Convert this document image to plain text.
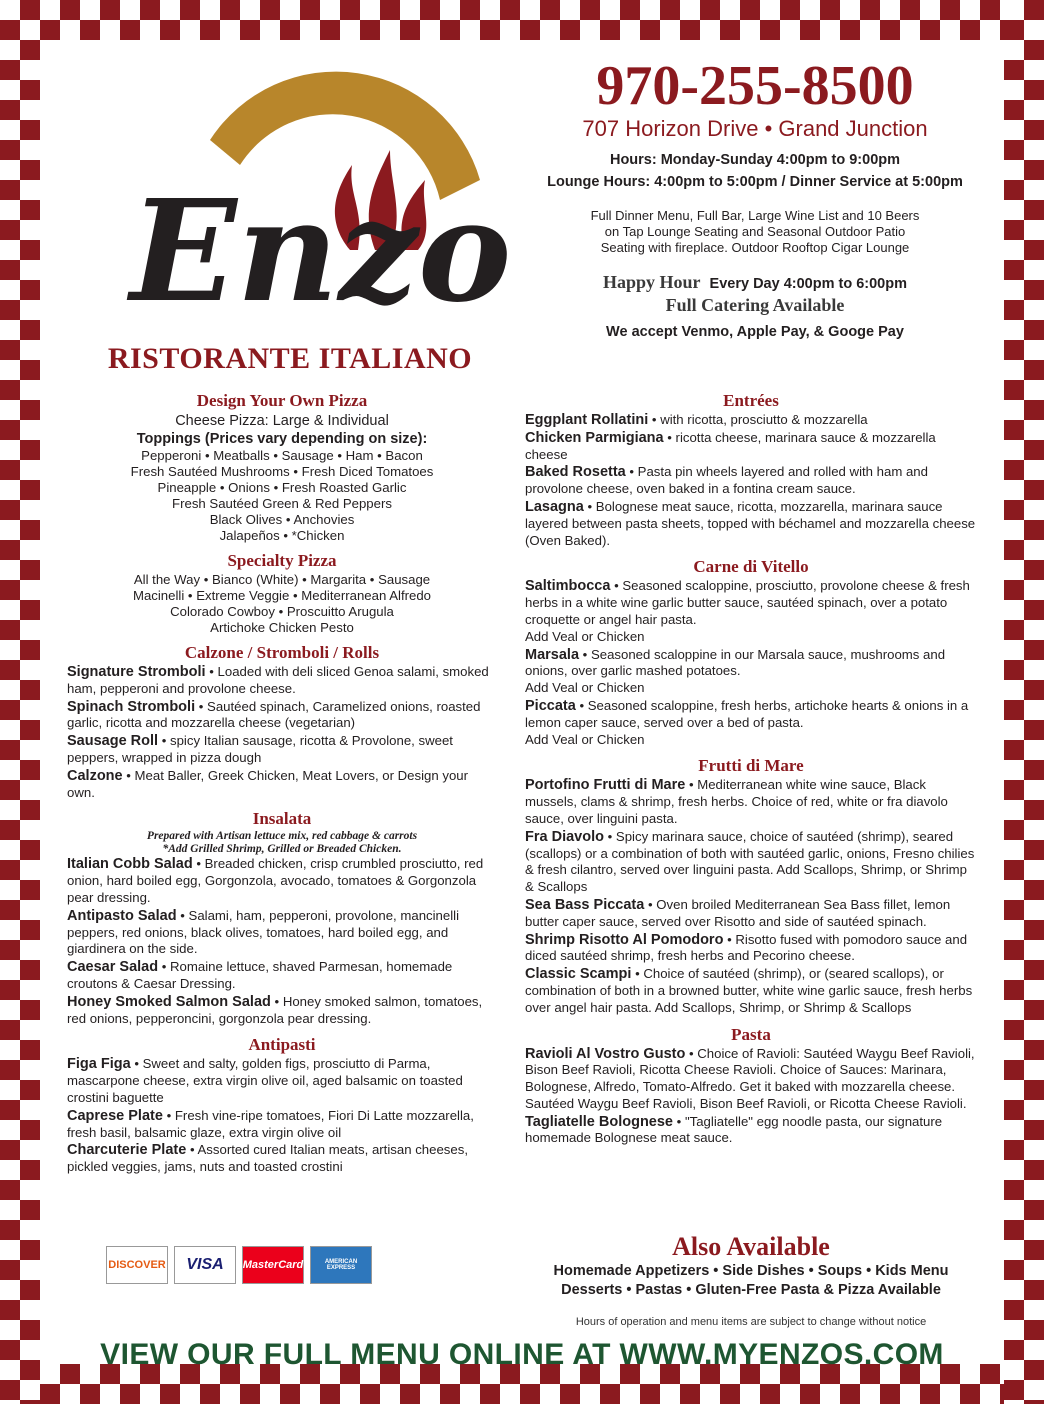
Enzo
RISTORANTE ITALIANO
970-255-8500
707 Horizon Drive • Grand Junction
Hours: Monday-Sunday 4:00pm to 9:00pm
Lounge Hours: 4:00pm to 5:00pm / Dinner Service at 5:00pm
Full Dinner Menu, Full Bar, Large Wine List and 10 Beers
on Tap Lounge Seating and Seasonal Outdoor Patio
Seating with fireplace. Outdoor Rooftop Cigar Lounge
Happy Hour Every Day 4:00pm to 6:00pm
Full Catering Available
We accept Venmo, Apple Pay, & Googe Pay
Design Your Own Pizza
Cheese Pizza: Large & Individual
Toppings (Prices vary depending on size):
Pepperoni • Meatballs • Sausage • Ham • Bacon
Fresh Sautéed Mushrooms • Fresh Diced Tomatoes
Pineapple • Onions • Fresh Roasted Garlic
Fresh Sautéed Green & Red Peppers
Black Olives • Anchovies
Jalapeños • *Chicken
Specialty Pizza
All the Way • Bianco (White) • Margarita • Sausage
Macinelli • Extreme Veggie • Mediterranean Alfredo
Colorado Cowboy • Proscuitto Arugula
Artichoke Chicken Pesto
Calzone / Stromboli / Rolls

Signature Stromboli • Loaded with deli sliced Genoa salami, smoked ham, pepperoni and provolone cheese.

Spinach Stromboli • Sautéed spinach, Caramelized onions, roasted garlic, ricotta and mozzarella cheese (vegetarian)

Sausage Roll • spicy Italian sausage, ricotta & Provolone, sweet peppers, wrapped in pizza dough

Calzone • Meat Baller, Greek Chicken, Meat Lovers, or Design your own.

Insalata
Prepared with Artisan lettuce mix, red cabbage & carrots
*Add Grilled Shrimp, Grilled or Breaded Chicken.

Italian Cobb Salad • Breaded chicken, crisp crumbled prosciutto, red onion, hard boiled egg, Gorgonzola, avocado, tomatoes & Gorgonzola pear dressing.

Antipasto Salad • Salami, ham, pepperoni, provolone, mancinelli peppers, red onions, black olives, tomatoes, hard boiled egg, and giardinera on the side.

Caesar Salad • Romaine lettuce, shaved Parmesan, homemade croutons & Caesar Dressing.

Honey Smoked Salmon Salad • Honey smoked salmon, tomatoes, red onions, pepperoncini, gorgonzola pear dressing.

Antipasti

Figa Figa • Sweet and salty, golden figs, prosciutto di Parma, mascarpone cheese, extra virgin olive oil, aged balsamic on toasted crostini baguette

Caprese Plate • Fresh vine-ripe tomatoes, Fiori Di Latte mozzarella, fresh basil, balsamic glaze, extra virgin olive oil

Charcuterie Plate • Assorted cured Italian meats, artisan cheeses, pickled veggies, jams, nuts and toasted crostini

Entrées

Eggplant Rollatini • with ricotta, prosciutto & mozzarella

Chicken Parmigiana • ricotta cheese, marinara sauce & mozzarella cheese

Baked Rosetta • Pasta pin wheels layered and rolled with ham and provolone cheese, oven baked in a fontina cream sauce.

Lasagna • Bolognese meat sauce, ricotta, mozzarella, marinara sauce layered between pasta sheets, topped with béchamel and mozzarella cheese (Oven Baked).

Carne di Vitello

Saltimbocca • Seasoned scaloppine, prosciutto, provolone cheese & fresh herbs in a white wine garlic butter sauce, sautéed spinach, over a potato croquette or angel hair pasta.
Add Veal or Chicken

Marsala • Seasoned scaloppine in our Marsala sauce, mushrooms and onions, over garlic mashed potatoes.
Add Veal or Chicken

Piccata • Seasoned scaloppine, fresh herbs, artichoke hearts & onions in a lemon caper sauce, served over a bed of pasta.
Add Veal or Chicken

Frutti di Mare

Portofino Frutti di Mare • Mediterranean white wine sauce, Black mussels, clams & shrimp, fresh herbs. Choice of red, white or fra diavolo sauce, over linguini pasta.

Fra Diavolo • Spicy marinara sauce, choice of sautéed (shrimp), seared (scallops) or a combination of both with sautéed garlic, onions, Fresno chilies & fresh cilantro, served over linguini pasta. Add Scallops, Shrimp, or Shrimp & Scallops

Sea Bass Piccata • Oven broiled Mediterranean Sea Bass fillet, lemon butter caper sauce, served over Risotto and side of sautéed spinach.

Shrimp Risotto Al Pomodoro • Risotto fused with pomodoro sauce and diced sautéed shrimp, fresh herbs and Pecorino cheese.

Classic Scampi • Choice of sautéed (shrimp), or (seared scallops), or combination of both in a browned butter, white wine garlic sauce, fresh herbs over angel hair pasta. Add Scallops, Shrimp, or Shrimp & Scallops

Pasta

Ravioli Al Vostro Gusto • Choice of Ravioli: Sautéed Waygu Beef Ravioli, Bison Beef Ravioli, Ricotta Cheese Ravioli. Choice of Sauces: Marinara, Bolognese, Alfredo, Tomato-Alfredo. Get it baked with mozzarella cheese. Sautéed Waygu Beef Ravioli, Bison Beef Ravioli, or Ricotta Cheese Ravioli.

Tagliatelle Bolognese • "Tagliatelle" egg noodle pasta, our signature homemade Bolognese meat sauce.

DISCOVER	VISA	MasterCard	AMERICAN EXPRESS
Also Available
Homemade Appetizers • Side Dishes • Soups • Kids Menu
Desserts • Pastas • Gluten-Free Pasta & Pizza Available
Hours of operation and menu items are subject to change without notice
VIEW OUR FULL MENU ONLINE AT WWW.MYENZOS.COM
